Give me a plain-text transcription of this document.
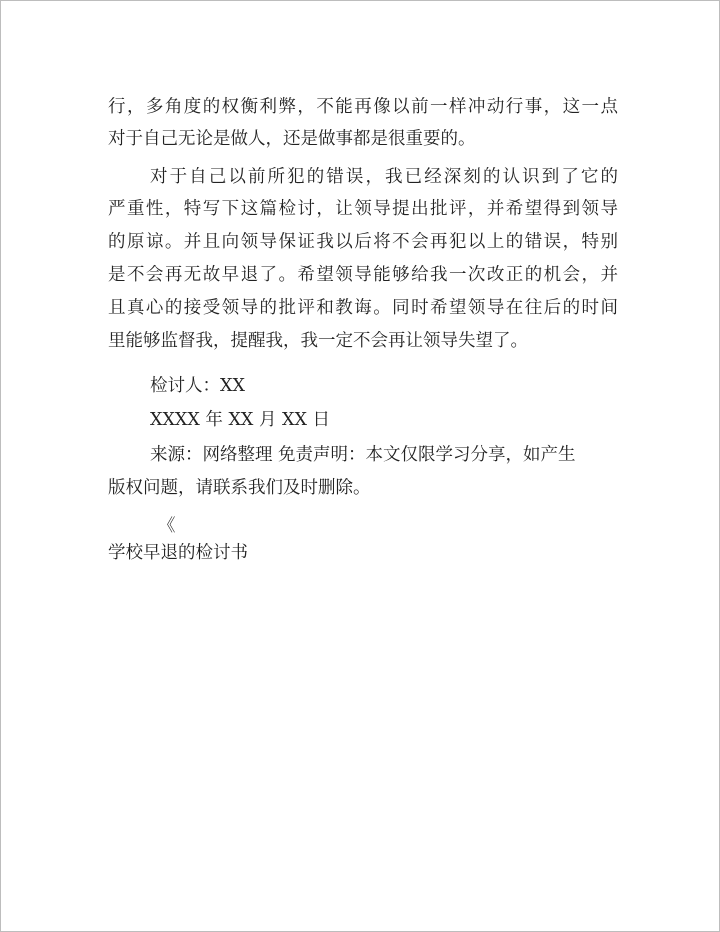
行，多角度的权衡利弊，不能再像以前一样冲动行事，这一点
对于自己无论是做人，还是做事都是很重要的。
对于自己以前所犯的错误，我已经深刻的认识到了它的
严重性，特写下这篇检讨，让领导提出批评，并希望得到领导
的原谅。并且向领导保证我以后将不会再犯以上的错误，特别
是不会再无故早退了。希望领导能够给我一次改正的机会，并
且真心的接受领导的批评和教诲。同时希望领导在往后的时间
里能够监督我，提醒我，我一定不会再让领导失望了。
检讨人：XX
XXXX 年 XX 月 XX 日
来源：网络整理 免责声明：本文仅限学习分享，如产生
版权问题，请联系我们及时删除。
《
学校早退的检讨书
